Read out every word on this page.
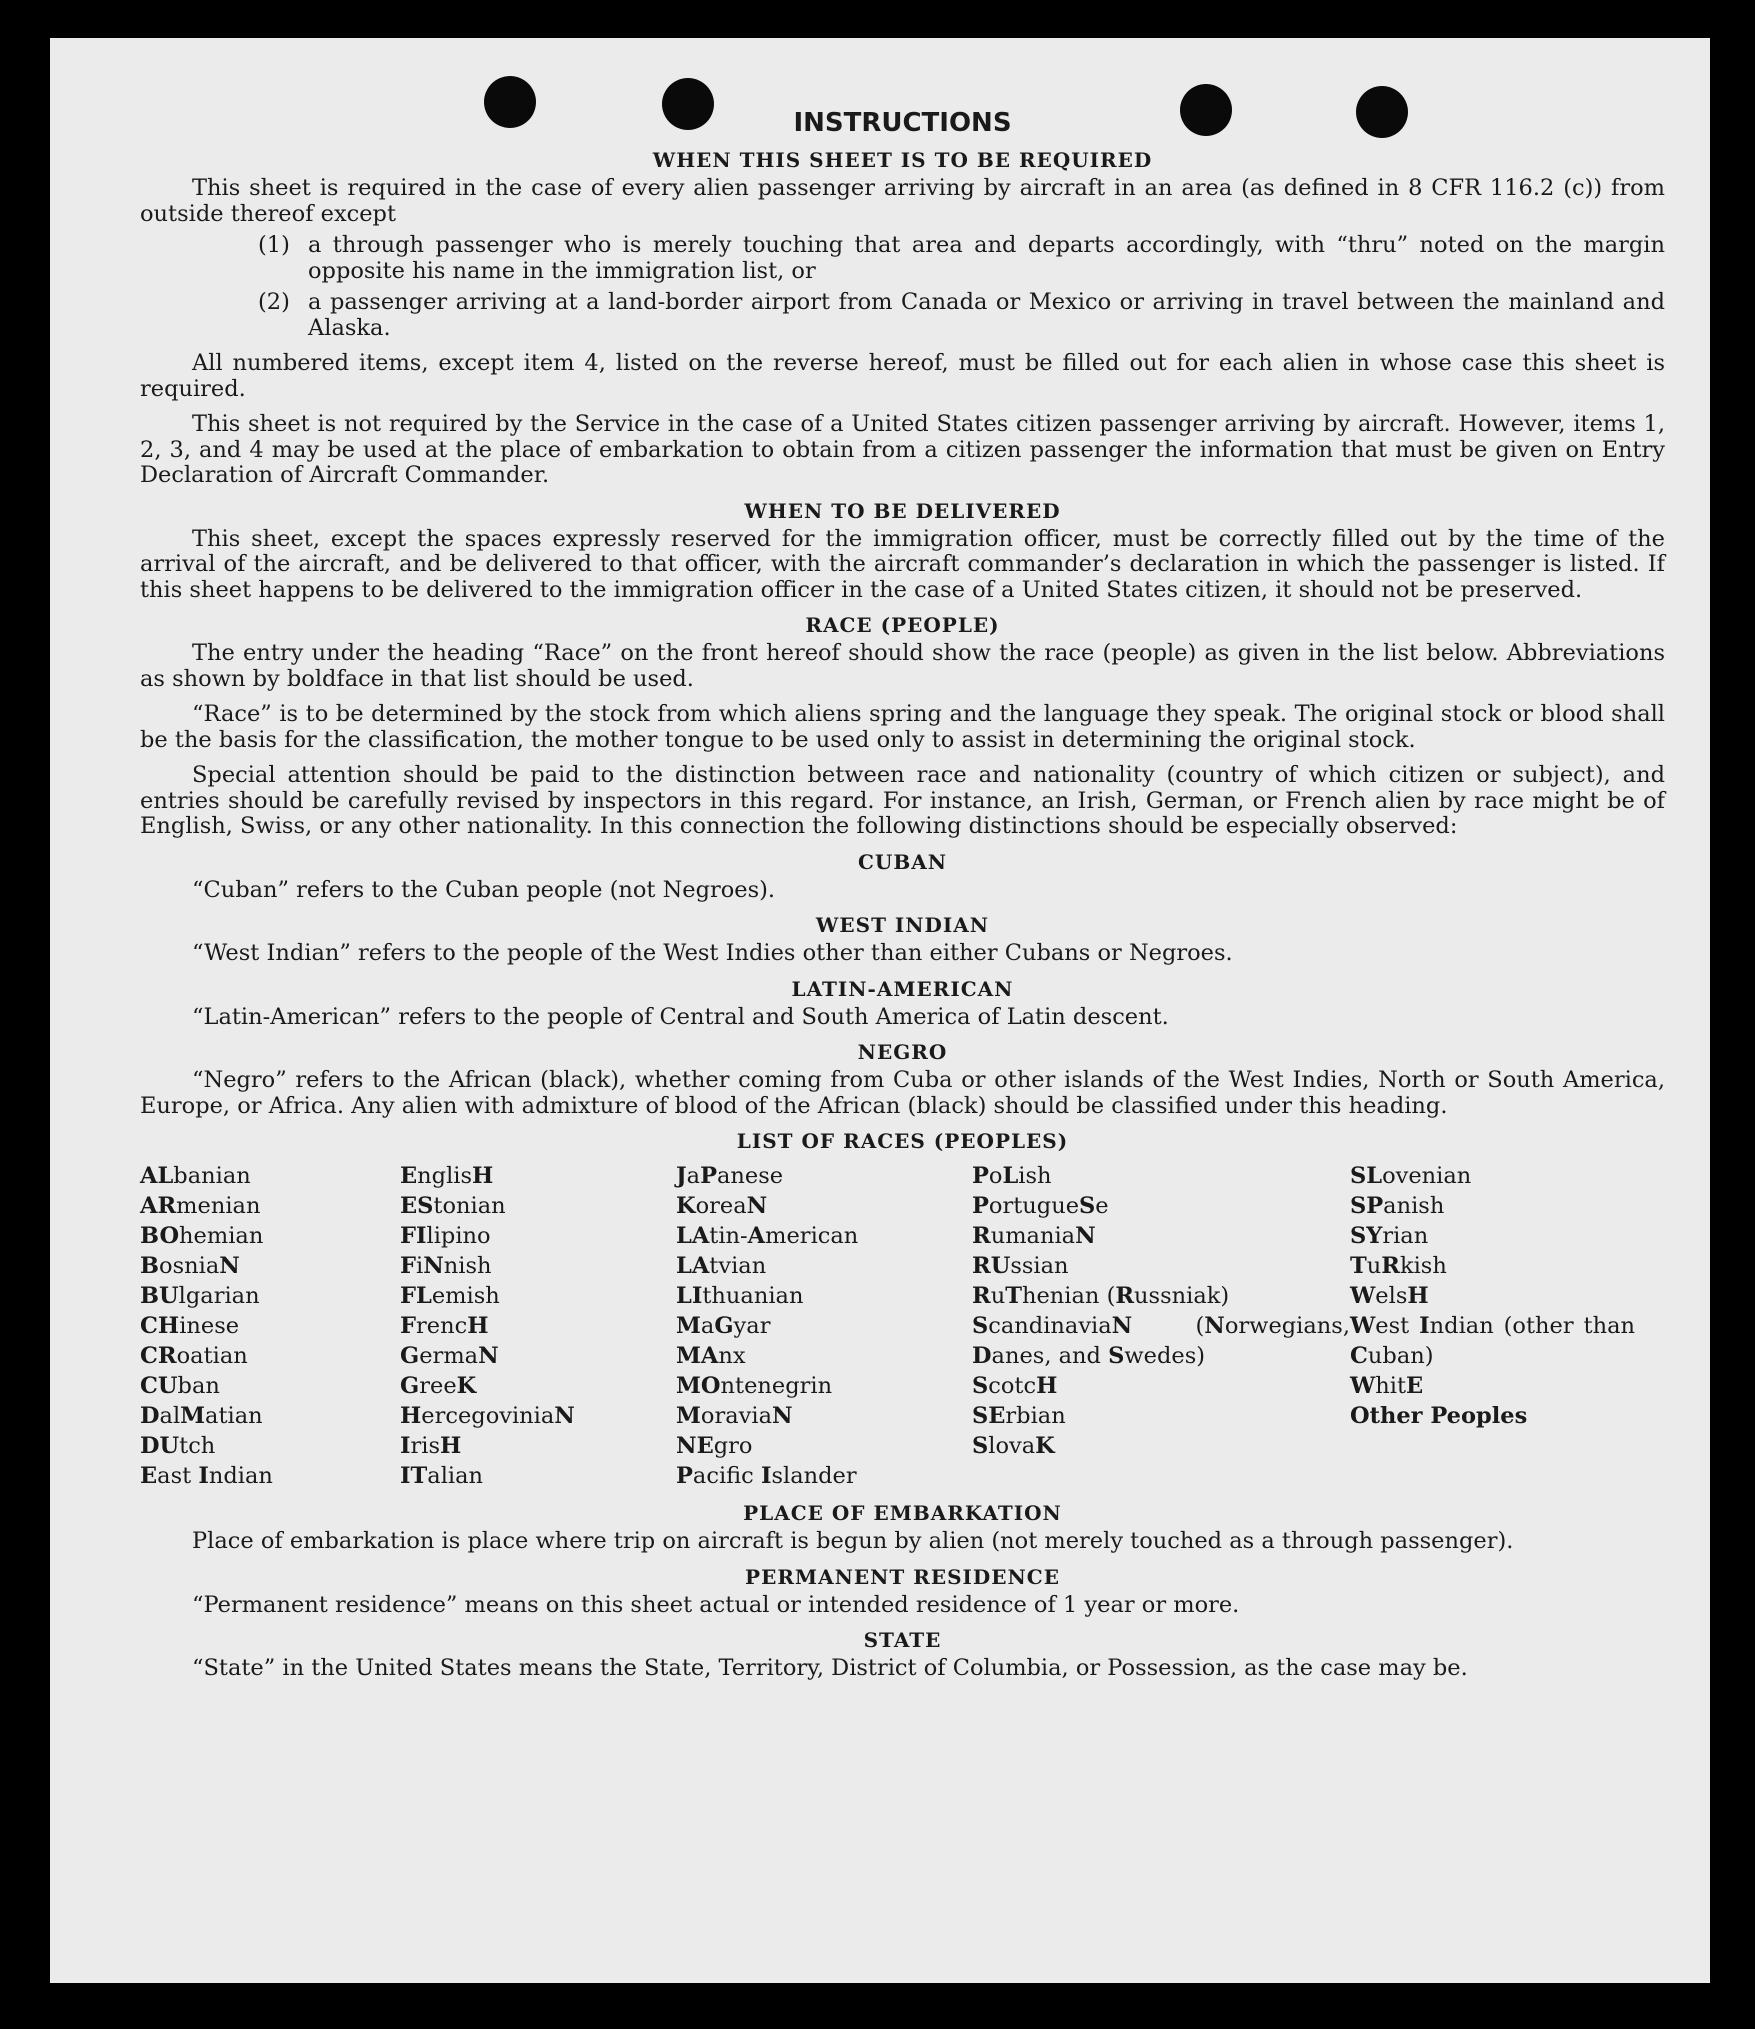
INSTRUCTIONS
WHEN THIS SHEET IS TO BE REQUIRED

This sheet is required in the case of every alien passenger arriving by aircraft in an area (as defined in 8 CFR 116.2 (c)) from outside thereof except

(1) a through passenger who is merely touching that area and departs accordingly, with “thru” noted on the margin opposite his name in the immigration list, or
(2) a passenger arriving at a land-border airport from Canada or Mexico or arriving in travel between the mainland and Alaska.

All numbered items, except item 4, listed on the reverse hereof, must be filled out for each alien in whose case this sheet is required.

This sheet is not required by the Service in the case of a United States citizen passenger arriving by aircraft. However, items 1, 2, 3, and 4 may be used at the place of embarkation to obtain from a citizen passenger the information that must be given on Entry Declaration of Aircraft Commander.

WHEN TO BE DELIVERED

This sheet, except the spaces expressly reserved for the immigration officer, must be correctly filled out by the time of the arrival of the aircraft, and be delivered to that officer, with the aircraft commander’s declaration in which the passenger is listed. If this sheet happens to be delivered to the immigration officer in the case of a United States citizen, it should not be preserved.

RACE (PEOPLE)

The entry under the heading “Race” on the front hereof should show the race (people) as given in the list below. Abbreviations as shown by boldface in that list should be used.

“Race” is to be determined by the stock from which aliens spring and the language they speak. The original stock or blood shall be the basis for the classification, the mother tongue to be used only to assist in determining the original stock.

Special attention should be paid to the distinction between race and nationality (country of which citizen or subject), and entries should be carefully revised by inspectors in this regard. For instance, an Irish, German, or French alien by race might be of English, Swiss, or any other nationality. In this connection the following distinctions should be especially observed:

CUBAN

“Cuban” refers to the Cuban people (not Negroes).

WEST INDIAN

“West Indian” refers to the people of the West Indies other than either Cubans or Negroes.

LATIN-AMERICAN

“Latin-American” refers to the people of Central and South America of Latin descent.

NEGRO

“Negro” refers to the African (black), whether coming from Cuba or other islands of the West Indies, North or South America, Europe, or Africa. Any alien with admixture of blood of the African (black) should be classified under this heading.

LIST OF RACES (PEOPLES)
ALbanian
ARmenian
BOhemian
BosniaN
BUlgarian
CHinese
CRoatian
CUban
DalMatian
DUtch
East Indian
EnglisH
EStonian
FIlipino
FiNnish
FLemish
FrencH
GermaN
GreeK
HercegoviniaN
IrisH
ITalian
JaPanese
KoreaN
LAtin-American
LAtvian
LIthuanian
MaGyar
MAnx
MOntenegrin
MoraviaN
NEgro
Pacifc Islander
PoLish
PortugueSe
RumaniaN
RUssian
RuThenian (Russniak)
ScandinaviaN	(Norwegians, Danes, and Swedes)
ScotcH
SErbian
SlovaK
SLovenian
SPanish
SYrian
TuRkish
WelsH
West Indian (other than Cuban)
WhitE
Other Peoples
PLACE OF EMBARKATION

Place of embarkation is place where trip on aircraft is begun by alien (not merely touched as a through passenger).

PERMANENT RESIDENCE

“Permanent residence” means on this sheet actual or intended residence of 1 year or more.

STATE

“State” in the United States means the State, Territory, District of Columbia, or Possession, as the case may be.
